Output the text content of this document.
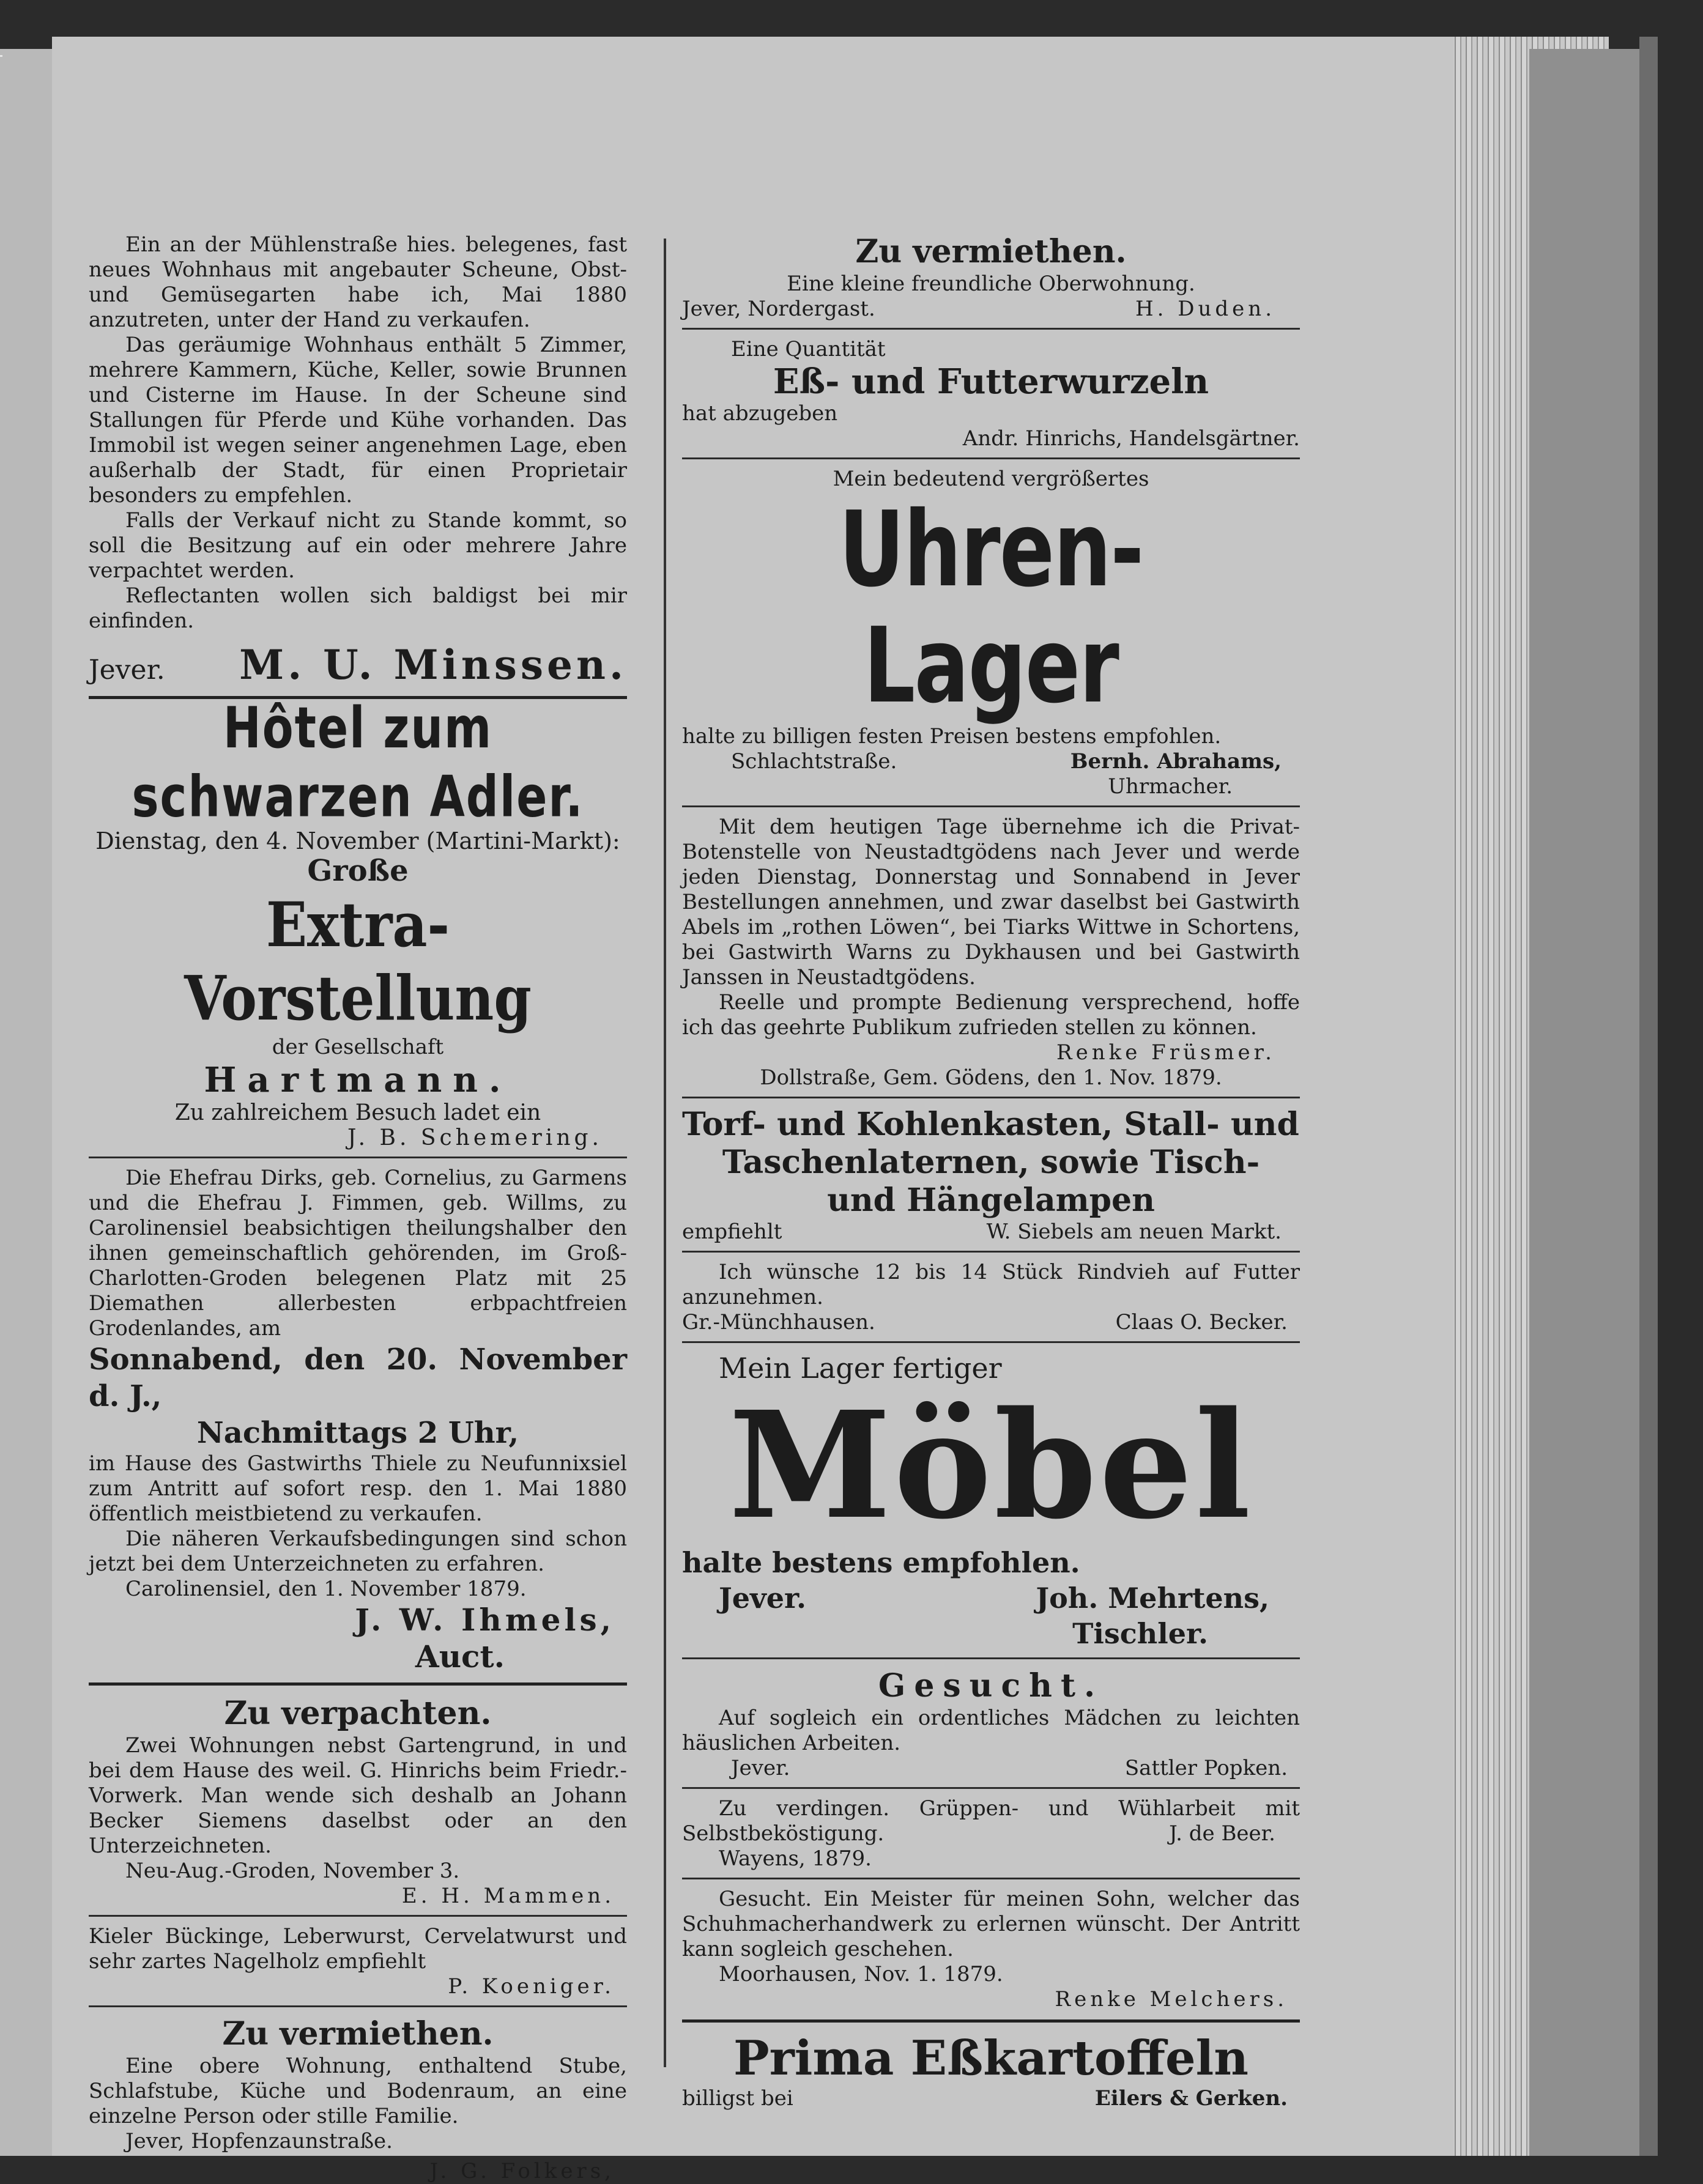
Ein an der Mühlenstraße hies. belegenes, fast neues Wohnhaus mit angebauter Scheune, Obst- und Gemüsegarten habe ich, Mai 1880 anzutreten, unter der Hand zu verkaufen.

Das geräumige Wohnhaus enthält 5 Zimmer, mehrere Kammern, Küche, Keller, sowie Brunnen und Cisterne im Hause. In der Scheune sind Stallungen für Pferde und Kühe vorhanden. Das Immobil ist wegen seiner angenehmen Lage, eben außerhalb der Stadt, für einen Proprietair besonders zu empfehlen.

Falls der Verkauf nicht zu Stande kommt, so soll die Besitzung auf ein oder mehrere Jahre verpachtet werden.

Reflectanten wollen sich baldigst bei mir einfinden.

Jever. M. U. Minssen.
Hôtel zum schwarzen Adler.

Dienstag, den 4. November (Martini-Markt):

Große

Extra-Vorstellung

der Gesellschaft

Hartmann.

Zu zahlreichem Besuch ladet ein

J. B. Schemering.

Die Ehefrau Dirks, geb. Cornelius, zu Garmens und die Ehefrau J. Fimmen, geb. Willms, zu Carolinensiel beabsichtigen theilungshalber den ihnen gemeinschaftlich gehörenden, im Groß-Charlotten-Groden belegenen Platz mit 25 Diemathen allerbesten erbpachtfreien Grodenlandes, am

Sonnabend, den 20. November d. J.,

Nachmittags 2 Uhr,

im Hause des Gastwirths Thiele zu Neufunnixsiel zum Antritt auf sofort resp. den 1. Mai 1880 öffentlich meistbietend zu verkaufen.

Die näheren Verkaufsbedingungen sind schon jetzt bei dem Unterzeichneten zu erfahren.

Carolinensiel, den 1. November 1879.

J. W. Ihmels,

Auct.

Zu verpachten.

Zwei Wohnungen nebst Gartengrund, in und bei dem Hause des weil. G. Hinrichs beim Friedr.-Vorwerk. Man wende sich deshalb an Johann Becker Siemens daselbst oder an den Unterzeichneten.

Neu-Aug.-Groden, November 3.

E. H. Mammen.

Kieler Bückinge, Leberwurst, Cervelatwurst und sehr zartes Nagelholz empfiehlt

P. Koeniger.

Zu vermiethen.

Eine obere Wohnung, enthaltend Stube, Schlafstube, Küche und Bodenraum, an eine einzelne Person oder stille Familie.

Jever, Hopfenzaunstraße.

J. G. Folkers,

Zu vermiethen.

Eine kleine freundliche Oberwohnung.

Jever, Nordergast.	H. Duden.

Eine Quantität

Eß- und Futterwurzeln

hat abzugeben

Andr. Hinrichs, Handelsgärtner.

Mein bedeutend vergrößertes

Uhren-Lager

halte zu billigen festen Preisen bestens empfohlen.

Schlachtstraße.	Bernh. Abrahams,

Uhrmacher.

Mit dem heutigen Tage übernehme ich die Privat-Botenstelle von Neustadtgödens nach Jever und werde jeden Dienstag, Donnerstag und Sonnabend in Jever Bestellungen annehmen, und zwar daselbst bei Gastwirth Abels im „rothen Löwen“, bei Tiarks Wittwe in Schortens, bei Gastwirth Warns zu Dykhausen und bei Gastwirth Janssen in Neustadtgödens.

Reelle und prompte Bedienung versprechend, hoffe ich das geehrte Publikum zufrieden stellen zu können.

Renke Früsmer.

Dollstraße, Gem. Gödens, den 1. Nov. 1879.

Torf- und Kohlenkasten, Stall- und

Taschenlaternen, sowie Tisch-

und Hängelampen

empfiehlt	W. Siebels am neuen Markt.

Ich wünsche 12 bis 14 Stück Rindvieh auf Futter anzunehmen.

Gr.-Münchhausen.	Claas O. Becker.

Mein Lager fertiger

Möbel

halte bestens empfohlen.

Jever.	Joh. Mehrtens,

Tischler.

Gesucht.

Auf sogleich ein ordentliches Mädchen zu leichten häuslichen Arbeiten.

Jever.	Sattler Popken.

Zu verdingen. Grüppen- und Wühlarbeit mit Selbstbeköstigung.	J. de Beer.

Wayens, 1879.

Gesucht. Ein Meister für meinen Sohn, welcher das Schuhmacherhandwerk zu erlernen wünscht. Der Antritt kann sogleich geschehen.

Moorhausen, Nov. 1. 1879.

Renke Melchers.

Prima Eßkartoffeln
billigst bei	Eilers & Gerken.
